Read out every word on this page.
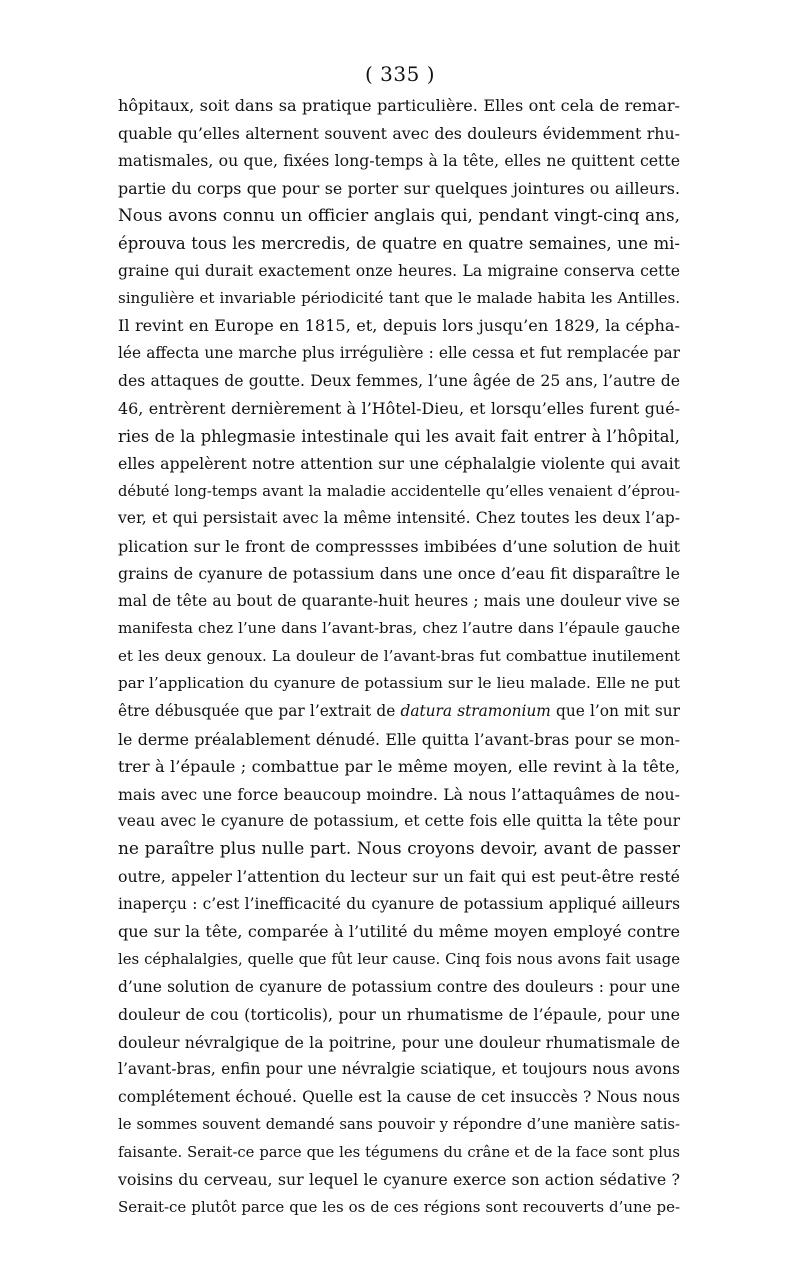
( 335 )
hôpitaux, soit dans sa pratique particulière. Elles ont cela de remar-
quable qu’elles alternent souvent avec des douleurs évidemment rhu-
matismales, ou que, fixées long-temps à la tête, elles ne quittent cette
partie du corps que pour se porter sur quelques jointures ou ailleurs.
Nous avons connu un officier anglais qui, pendant vingt-cinq ans,
éprouva tous les mercredis, de quatre en quatre semaines, une mi-
graine qui durait exactement onze heures. La migraine conserva cette
singulière et invariable périodicité tant que le malade habita les Antilles.
Il revint en Europe en 1815, et, depuis lors jusqu’en 1829, la cépha-
lée affecta une marche plus irrégulière : elle cessa et fut remplacée par
des attaques de goutte. Deux femmes, l’une âgée de 25 ans, l’autre de
46, entrèrent dernièrement à l’Hôtel-Dieu, et lorsqu’elles furent gué-
ries de la phlegmasie intestinale qui les avait fait entrer à l’hôpital,
elles appelèrent notre attention sur une céphalalgie violente qui avait
débuté long-temps avant la maladie accidentelle qu’elles venaient d’éprou-
ver, et qui persistait avec la même intensité. Chez toutes les deux l’ap-
plication sur le front de compressses imbibées d’une solution de huit
grains de cyanure de potassium dans une once d’eau fit disparaître le
mal de tête au bout de quarante-huit heures ; mais une douleur vive se
manifesta chez l’une dans l’avant-bras, chez l’autre dans l’épaule gauche
et les deux genoux. La douleur de l’avant-bras fut combattue inutilement
par l’application du cyanure de potassium sur le lieu malade. Elle ne put
être débusquée que par l’extrait de datura stramonium que l’on mit sur
le derme préalablement dénudé. Elle quitta l’avant-bras pour se mon-
trer à l’épaule ; combattue par le même moyen, elle revint à la tête,
mais avec une force beaucoup moindre. Là nous l’attaquâmes de nou-
veau avec le cyanure de potassium, et cette fois elle quitta la tête pour
ne paraître plus nulle part. Nous croyons devoir, avant de passer
outre, appeler l’attention du lecteur sur un fait qui est peut-être resté
inaperçu : c’est l’inefficacité du cyanure de potassium appliqué ailleurs
que sur la tête, comparée à l’utilité du même moyen employé contre
les céphalalgies, quelle que fût leur cause. Cinq fois nous avons fait usage
d’une solution de cyanure de potassium contre des douleurs : pour une
douleur de cou (torticolis), pour un rhumatisme de l’épaule, pour une
douleur névralgique de la poitrine, pour une douleur rhumatismale de
l’avant-bras, enfin pour une névralgie sciatique, et toujours nous avons
complétement échoué. Quelle est la cause de cet insuccès ? Nous nous
le sommes souvent demandé sans pouvoir y répondre d’une manière satis-
faisante. Serait-ce parce que les tégumens du crâne et de la face sont plus
voisins du cerveau, sur lequel le cyanure exerce son action sédative ?
Serait-ce plutôt parce que les os de ces régions sont recouverts d’une pe-
